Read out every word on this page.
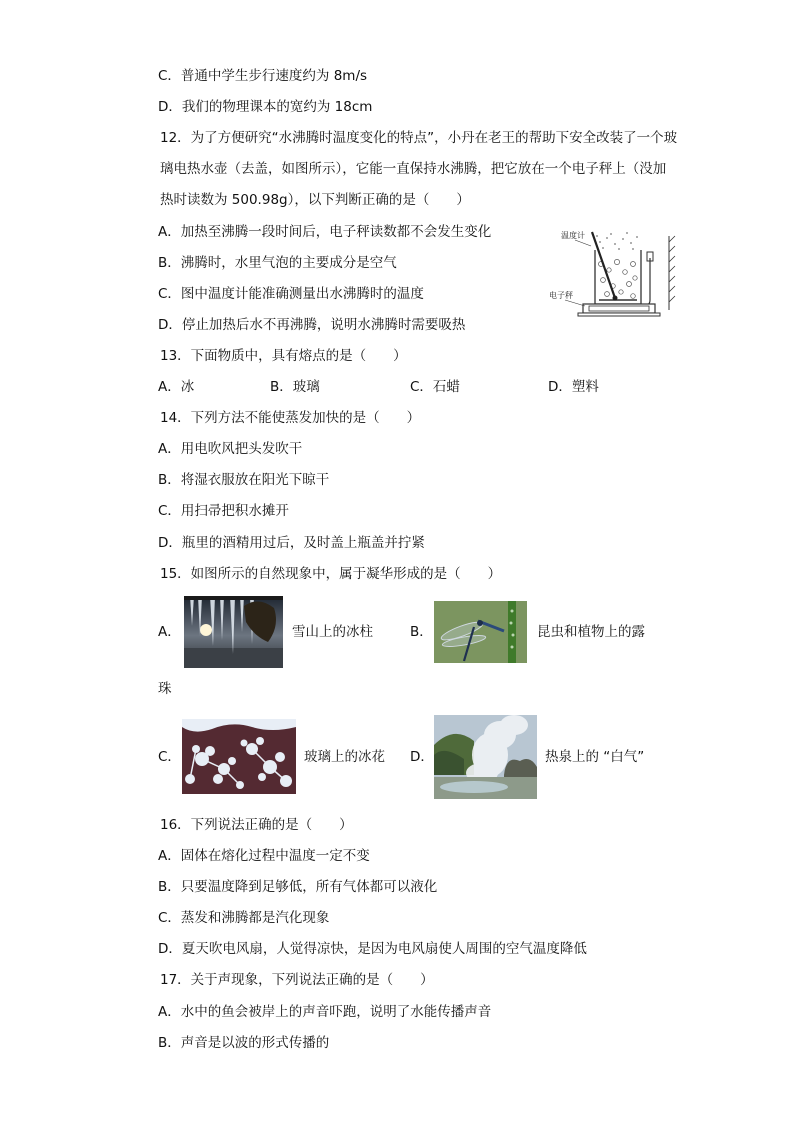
C．普通中学生步行速度约为 8m/s
D．我们的物理课本的宽约为 18cm
12．为了方便研究“水沸腾时温度变化的特点”，小丹在老王的帮助下安全改装了一个玻
璃电热水壶（去盖，如图所示），它能一直保持水沸腾，把它放在一个电子秤上（没加
热时读数为 500.98g），以下判断正确的是（　　）
A．加热至沸腾一段时间后，电子秤读数都不会发生变化
B．沸腾时，水里气泡的主要成分是空气
C．图中温度计能准确测量出水沸腾时的温度
D．停止加热后水不再沸腾，说明水沸腾时需要吸热
温度计
电子秤
13．下面物质中，具有熔点的是（　　）
A．冰	B．玻璃	C．石蜡	D．塑料
14．下列方法不能使蒸发加快的是（　　）
A．用电吹风把头发吹干
B．将湿衣服放在阳光下晾干
C．用扫帚把积水摊开
D．瓶里的酒精用过后，及时盖上瓶盖并拧紧
15．如图所示的自然现象中，属于凝华形成的是（　　）
A．	雪山上的冰柱	B．	昆虫和植物上的露
珠
C．	玻璃上的冰花 D．	热泉上的 “白气”
16．下列说法正确的是（　　）
A．固体在熔化过程中温度一定不变
B．只要温度降到足够低，所有气体都可以液化
C．蒸发和沸腾都是汽化现象
D．夏天吹电风扇，人觉得凉快，是因为电风扇使人周围的空气温度降低
17．关于声现象，下列说法正确的是（　　）
A．水中的鱼会被岸上的声音吓跑，说明了水能传播声音
B．声音是以波的形式传播的
